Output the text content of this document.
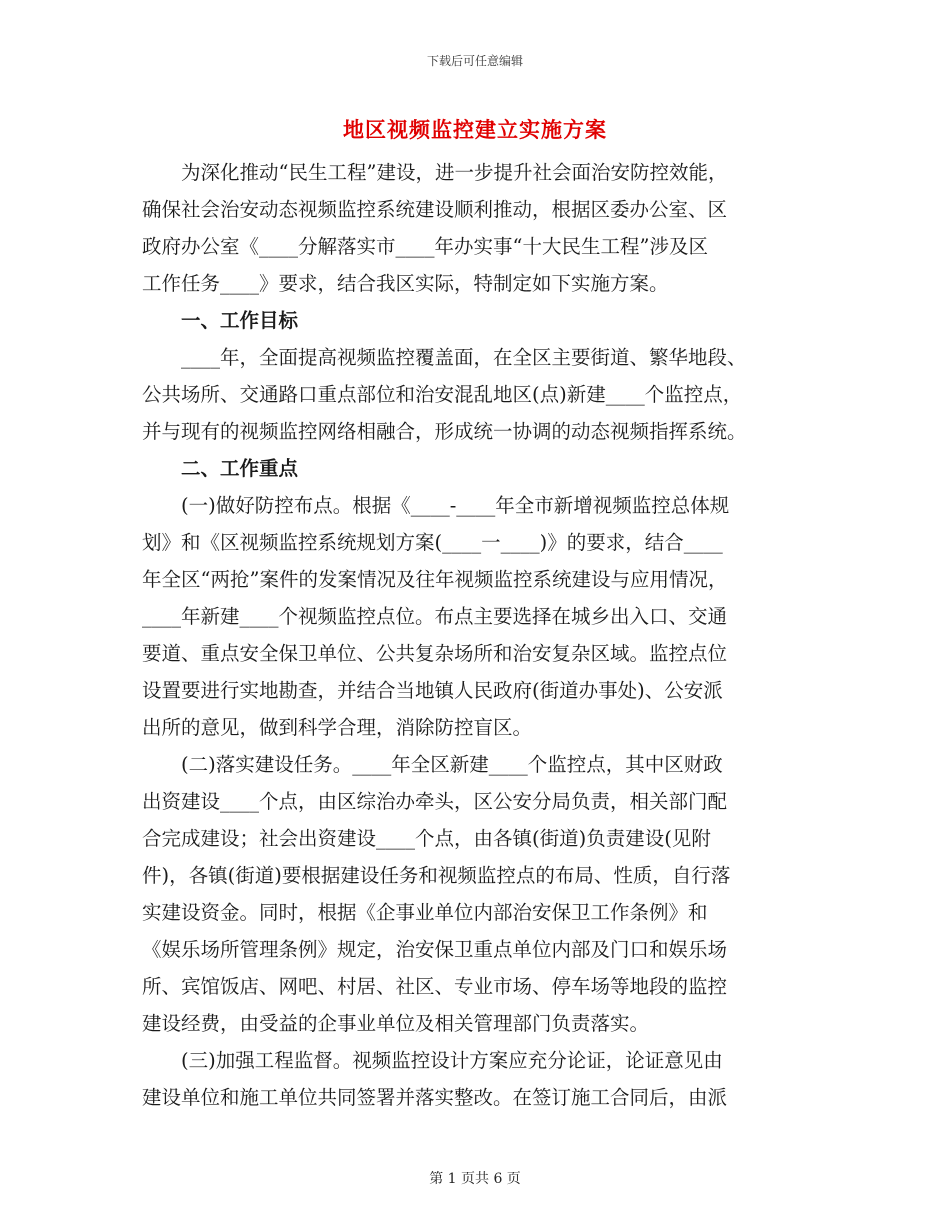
下载后可任意编辑
地区视频监控建立实施方案
为深化推动“民生工程”建设，进一步提升社会面治安防控效能，
确保社会治安动态视频监控系统建设顺利推动，根据区委办公室、区
政府办公室《____分解落实市____年办实事“十大民生工程”涉及区
工作任务____》要求，结合我区实际，特制定如下实施方案。
一、工作目标
____年，全面提高视频监控覆盖面，在全区主要街道、繁华地段、
公共场所、交通路口重点部位和治安混乱地区(点)新建____个监控点，
并与现有的视频监控网络相融合，形成统一协调的动态视频指挥系统。
二、工作重点
(一)做好防控布点。根据《____-____年全市新增视频监控总体规
划》和《区视频监控系统规划方案(____一____)》的要求，结合____
年全区“两抢”案件的发案情况及往年视频监控系统建设与应用情况，
____年新建____个视频监控点位。布点主要选择在城乡出入口、交通
要道、重点安全保卫单位、公共复杂场所和治安复杂区域。监控点位
设置要进行实地勘查，并结合当地镇人民政府(街道办事处)、公安派
出所的意见，做到科学合理，消除防控盲区。
(二)落实建设任务。____年全区新建____个监控点，其中区财政
出资建设____个点，由区综治办牵头，区公安分局负责，相关部门配
合完成建设；社会出资建设____个点，由各镇(街道)负责建设(见附
件)，各镇(街道)要根据建设任务和视频监控点的布局、性质，自行落
实建设资金。同时，根据《企事业单位内部治安保卫工作条例》和
《娱乐场所管理条例》规定，治安保卫重点单位内部及门口和娱乐场
所、宾馆饭店、网吧、村居、社区、专业市场、停车场等地段的监控
建设经费，由受益的企事业单位及相关管理部门负责落实。
(三)加强工程监督。视频监控设计方案应充分论证，论证意见由
建设单位和施工单位共同签署并落实整改。在签订施工合同后，由派
第 1 页共 6 页
